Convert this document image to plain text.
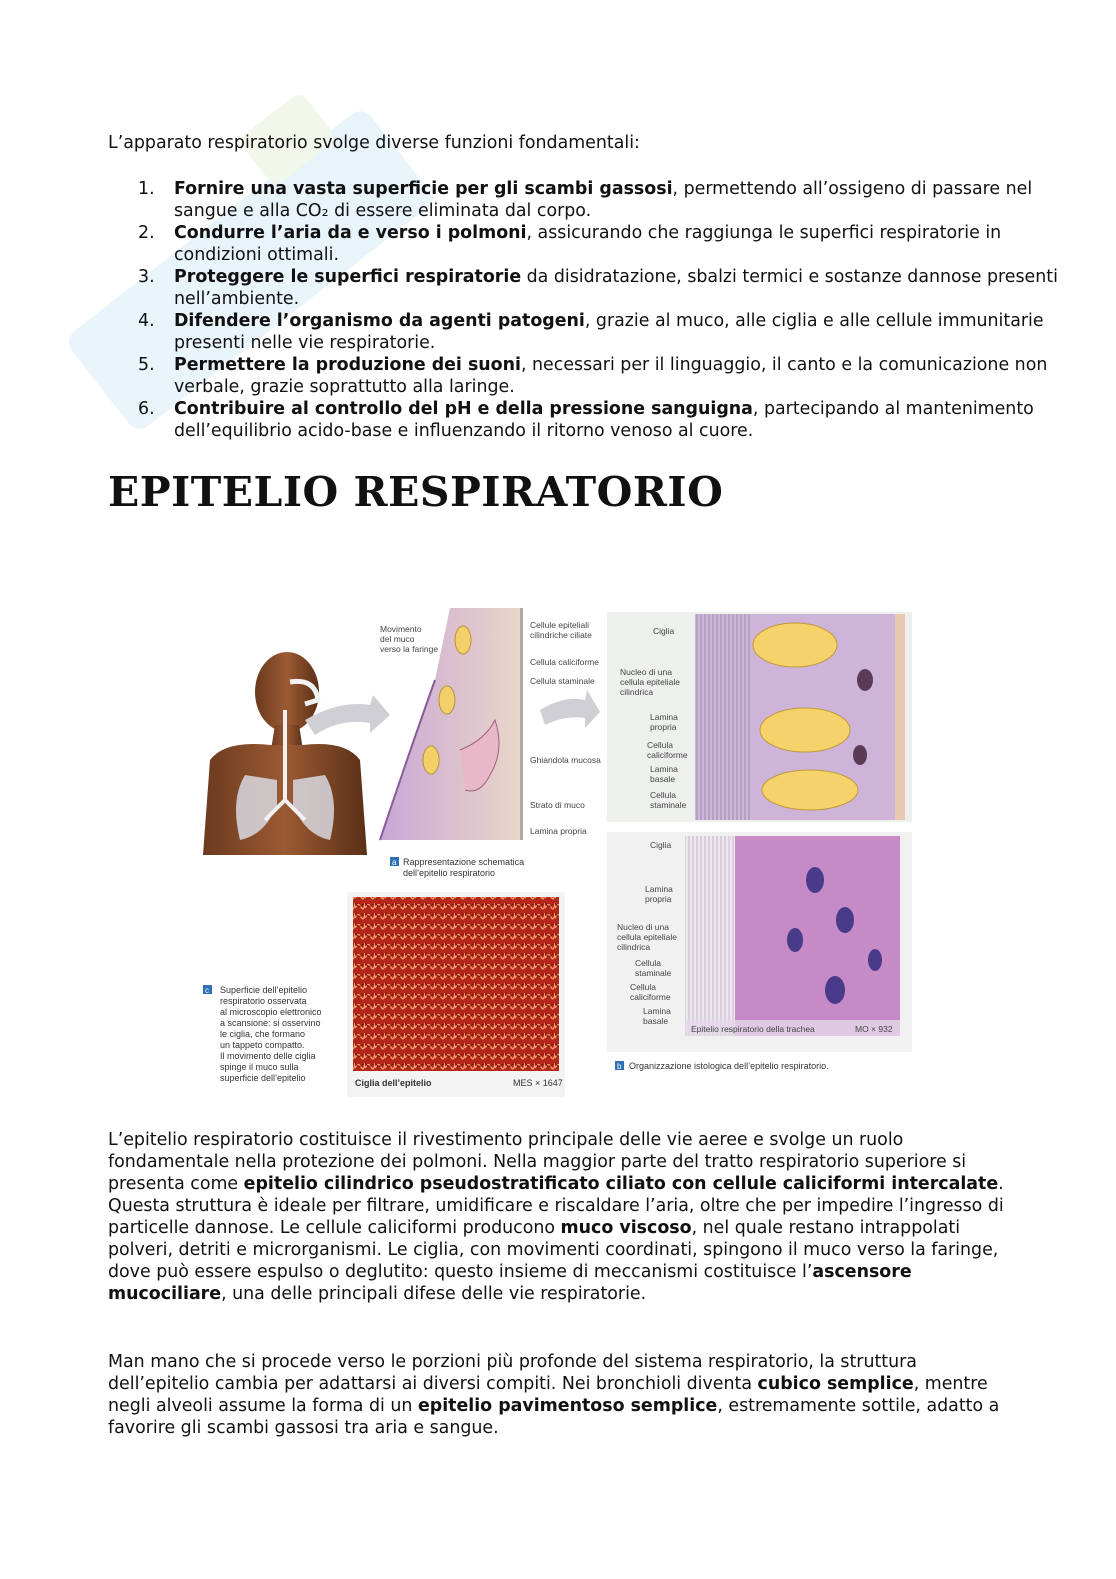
L’apparato respiratorio svolge diverse funzioni fondamentali:
Fornire una vasta superficie per gli scambi gassosi, permettendo all’ossigeno di passare nel sangue e alla CO₂ di essere eliminata dal corpo.
Condurre l’aria da e verso i polmoni, assicurando che raggiunga le superfici respiratorie in condizioni ottimali.
Proteggere le superfici respiratorie da disidratazione, sbalzi termici e sostanze dannose presenti nell’ambiente.
Difendere l’organismo da agenti patogeni, grazie al muco, alle ciglia e alle cellule immunitarie presenti nelle vie respiratorie.
Permettere la produzione dei suoni, necessari per il linguaggio, il canto e la comunicazione non verbale, grazie soprattutto alla laringe.
Contribuire al controllo del pH e della pressione sanguigna, partecipando al mantenimento dell’equilibrio acido-base e influenzando il ritorno venoso al cuore.
EPITELIO RESPIRATORIO
Movimento del muco verso la faringe
Cellule epiteliali cilindriche ciliate
Cellula caliciforme
Cellula staminale
Ghiandola mucosa
Strato di muco
Lamina propria
a Rappresentazione schematica dell’epitelio respiratorio
Ciglia dell’epitelio	MES × 1647
c Superficie dell’epitelio respiratorio osservata al microscopio elettronico a scansione: si osservino le ciglia, che formano un tappeto compatto. Il movimento delle ciglia spinge il muco sulla superficie dell’epitelio
Ciglia
Nucleo di una cellula epiteliale cilindrica
Lamina propria
Cellula caliciforme
Lamina basale
Cellula staminale
Ciglia
Lamina propria
Nucleo di una cellula epiteliale cilindrica
Cellula staminale
Cellula caliciforme
Lamina basale
Epitelio respiratorio della trachea	MO × 932
b Organizzazione istologica dell’epitelio respiratorio.
L’epitelio respiratorio costituisce il rivestimento principale delle vie aeree e svolge un ruolo fondamentale nella protezione dei polmoni. Nella maggior parte del tratto respiratorio superiore si presenta come epitelio cilindrico pseudostratificato ciliato con cellule caliciformi intercalate. Questa struttura è ideale per filtrare, umidificare e riscaldare l’aria, oltre che per impedire l’ingresso di particelle dannose. Le cellule caliciformi producono muco viscoso, nel quale restano intrappolati polveri, detriti e microrganismi. Le ciglia, con movimenti coordinati, spingono il muco verso la faringe, dove può essere espulso o deglutito: questo insieme di meccanismi costituisce l’ascensore mucociliare, una delle principali difese delle vie respiratorie.
Man mano che si procede verso le porzioni più profonde del sistema respiratorio, la struttura dell’epitelio cambia per adattarsi ai diversi compiti. Nei bronchioli diventa cubico semplice, mentre negli alveoli assume la forma di un epitelio pavimentoso semplice, estremamente sottile, adatto a favorire gli scambi gassosi tra aria e sangue.
